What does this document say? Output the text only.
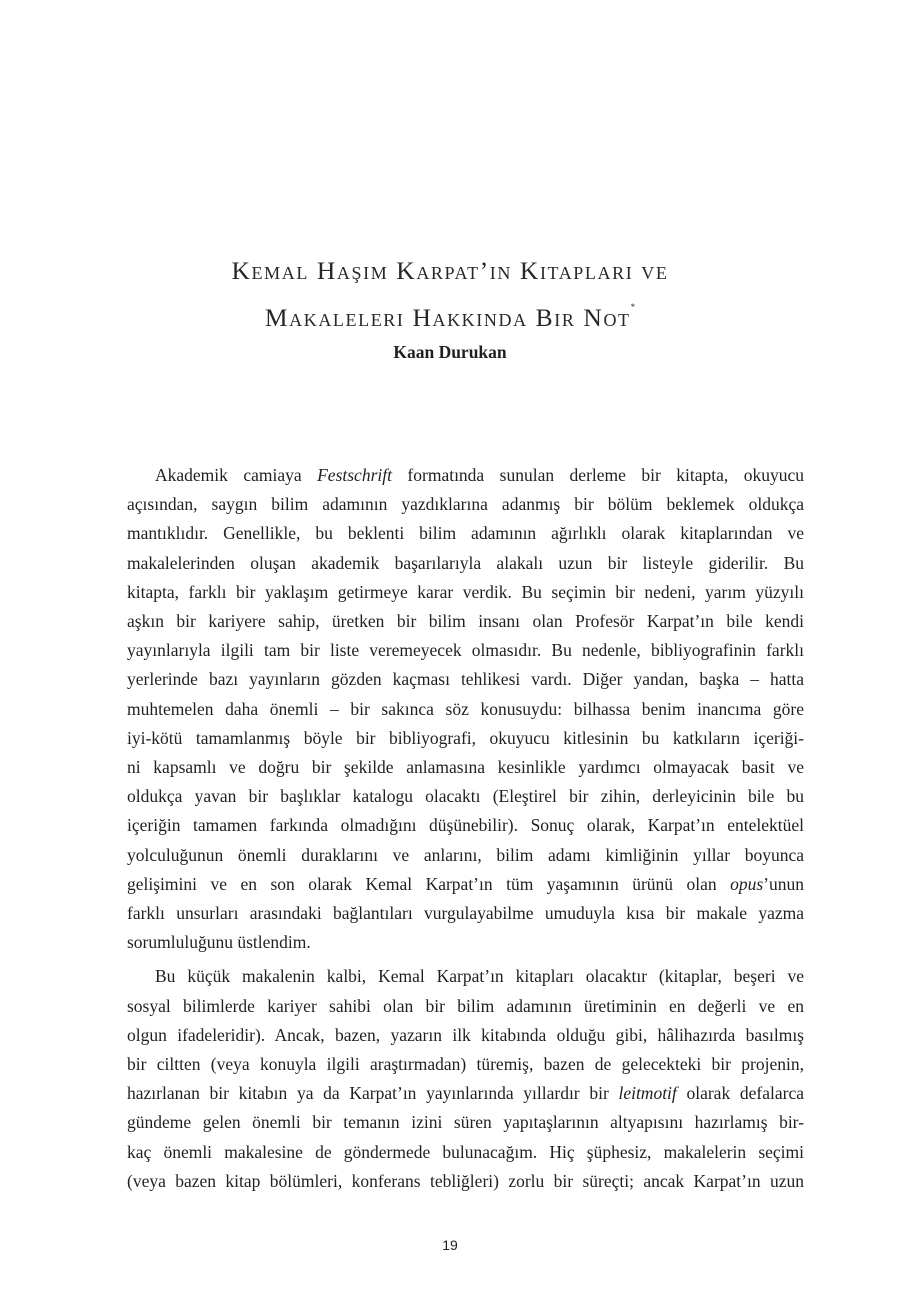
Kemal Haşim Karpat’ın Kitapları ve
Makaleleri Hakkında Bir Not*
Kaan Durukan

Akademik camiaya Festschrift formatında sunulan derleme bir kitapta, okuyucu
açısından, saygın bilim adamının yazdıklarına adanmış bir bölüm beklemek oldukça
mantıklıdır. Genellikle, bu beklenti bilim adamının ağırlıklı olarak kitaplarından ve
makalelerinden oluşan akademik başarılarıyla alakalı uzun bir listeyle giderilir. Bu
kitapta, farklı bir yaklaşım getirmeye karar verdik. Bu seçimin bir nedeni, yarım yüzyılı
aşkın bir kariyere sahip, üretken bir bilim insanı olan Profesör Karpat’ın bile kendi
yayınlarıyla ilgili tam bir liste veremeyecek olmasıdır. Bu nedenle, bibliyografinin farklı
yerlerinde bazı yayınların gözden kaçması tehlikesi vardı. Diğer yandan, başka – hatta
muhtemelen daha önemli – bir sakınca söz konusuydu: bilhassa benim inancıma göre
iyi-kötü tamamlanmış böyle bir bibliyografi, okuyucu kitlesinin bu katkıların içeriği-
ni kapsamlı ve doğru bir şekilde anlamasına kesinlikle yardımcı olmayacak basit ve
oldukça yavan bir başlıklar katalogu olacaktı (Eleştirel bir zihin, derleyicinin bile bu
içeriğin tamamen farkında olmadığını düşünebilir). Sonuç olarak, Karpat’ın entelektüel
yolculuğunun önemli duraklarını ve anlarını, bilim adamı kimliğinin yıllar boyunca
gelişimini ve en son olarak Kemal Karpat’ın tüm yaşamının ürünü olan opus’unun
farklı unsurları arasındaki bağlantıları vurgulayabilme umuduyla kısa bir makale yazma
sorumluluğunu üstlendim.

Bu küçük makalenin kalbi, Kemal Karpat’ın kitapları olacaktır (kitaplar, beşeri ve
sosyal bilimlerde kariyer sahibi olan bir bilim adamının üretiminin en değerli ve en
olgun ifadeleridir). Ancak, bazen, yazarın ilk kitabında olduğu gibi, hâlihazırda basılmış
bir ciltten (veya konuyla ilgili araştırmadan) türemiş, bazen de gelecekteki bir projenin,
hazırlanan bir kitabın ya da Karpat’ın yayınlarında yıllardır bir leitmotif olarak defalarca
gündeme gelen önemli bir temanın izini süren yapıtaşlarının altyapısını hazırlamış bir-
kaç önemli makalesine de göndermede bulunacağım. Hiç şüphesiz, makalelerin seçimi
(veya bazen kitap bölümleri, konferans tebliğleri) zorlu bir süreçti; ancak Karpat’ın uzun

19
